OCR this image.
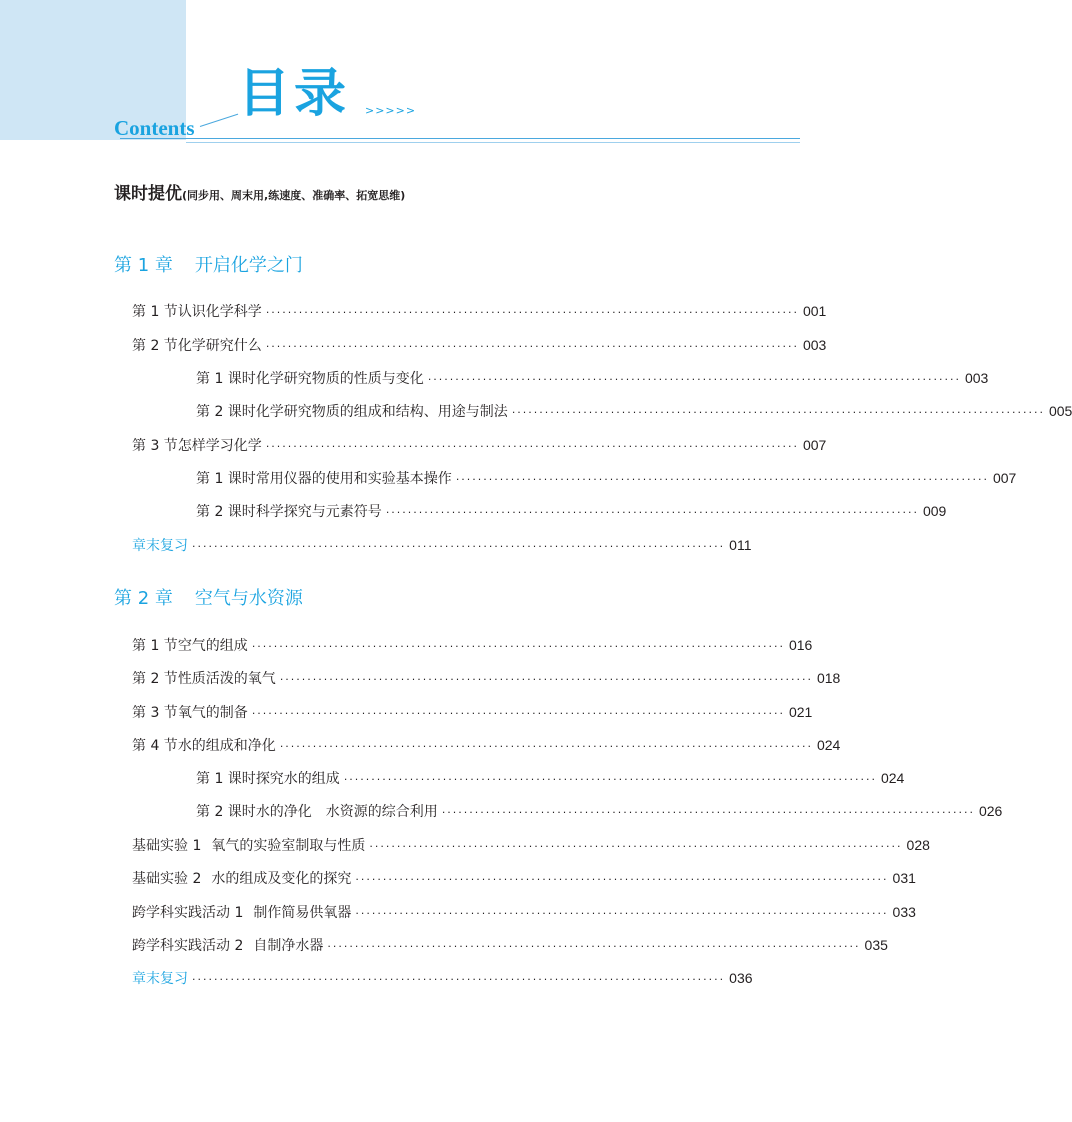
目录 >>>>>
Contents
课时提优(同步用、周末用,练速度、准确率、拓宽思维)
第 1 章 开启化学之门
第 1 节 认识化学科学 ································································································· 001
第 2 节 化学研究什么 ································································································· 003
第 1 课时 化学研究物质的性质与变化 ································································································· 003
第 2 课时 化学研究物质的组成和结构、用途与制法 ································································································· 005
第 3 节 怎样学习化学 ································································································· 007
第 1 课时 常用仪器的使用和实验基本操作 ································································································· 007
第 2 课时 科学探究与元素符号 ································································································· 009
章末复习 ································································································· 011
第 2 章 空气与水资源
第 1 节 空气的组成 ································································································· 016
第 2 节 性质活泼的氧气 ································································································· 018
第 3 节 氧气的制备 ································································································· 021
第 4 节 水的组成和净化 ································································································· 024
第 1 课时 探究水的组成 ································································································· 024
第 2 课时 水的净化　水资源的综合利用 ································································································· 026
基础实验 1 氧气的实验室制取与性质 ································································································· 028
基础实验 2 水的组成及变化的探究 ································································································· 031
跨学科实践活动 1 制作简易供氧器 ································································································· 033
跨学科实践活动 2 自制净水器 ································································································· 035
章末复习 ································································································· 036
